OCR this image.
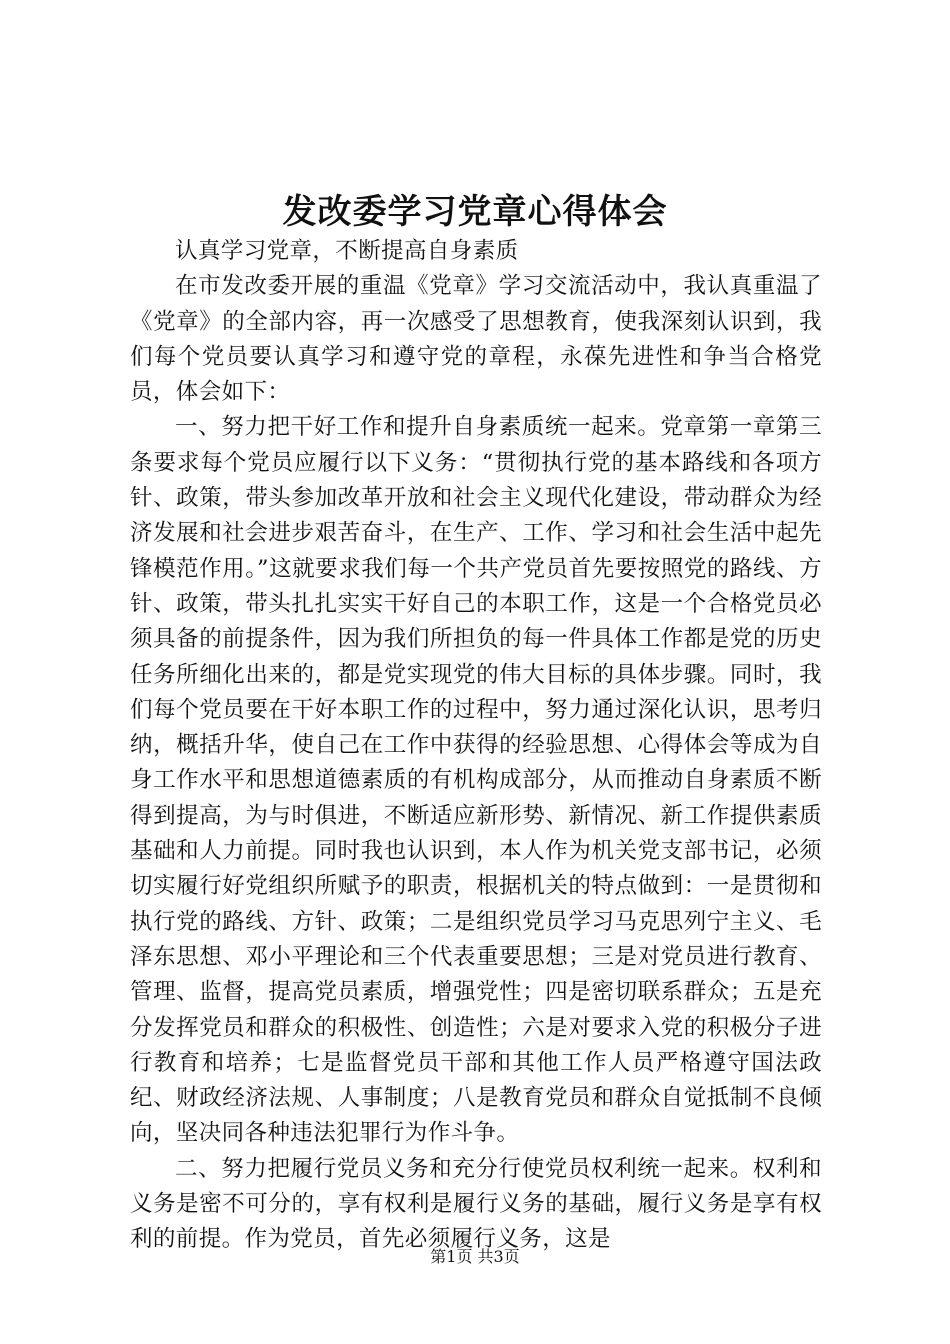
发改委学习党章心得体会

认真学习党章，不断提高自身素质

在市发改委开展的重温《党章》学习交流活动中，我认真重温了《党章》的全部内容，再一次感受了思想教育，使我深刻认识到，我们每个党员要认真学习和遵守党的章程，永葆先进性和争当合格党员，体会如下：

一、努力把干好工作和提升自身素质统一起来。党章第一章第三条要求每个党员应履行以下义务：“贯彻执行党的基本路线和各项方针、政策，带头参加改革开放和社会主义现代化建设，带动群众为经济发展和社会进步艰苦奋斗，在生产、工作、学习和社会生活中起先锋模范作用。”这就要求我们每一个共产党员首先要按照党的路线、方针、政策，带头扎扎实实干好自己的本职工作，这是一个合格党员必须具备的前提条件，因为我们所担负的每一件具体工作都是党的历史任务所细化出来的，都是党实现党的伟大目标的具体步骤。同时，我们每个党员要在干好本职工作的过程中，努力通过深化认识，思考归纳，概括升华，使自己在工作中获得的经验思想、心得体会等成为自身工作水平和思想道德素质的有机构成部分，从而推动自身素质不断得到提高，为与时俱进，不断适应新形势、新情况、新工作提供素质基础和人力前提。同时我也认识到，本人作为机关党支部书记，必须切实履行好党组织所赋予的职责，根据机关的特点做到：一是贯彻和执行党的路线、方针、政策；二是组织党员学习马克思列宁主义、毛泽东思想、邓小平理论和三个代表重要思想；三是对党员进行教育、管理、监督，提高党员素质，增强党性；四是密切联系群众；五是充分发挥党员和群众的积极性、创造性；六是对要求入党的积极分子进行教育和培养；七是监督党员干部和其他工作人员严格遵守国法政纪、财政经济法规、人事制度；八是教育党员和群众自觉抵制不良倾向，坚决同各种违法犯罪行为作斗争。

二、努力把履行党员义务和充分行使党员权利统一起来。权利和义务是密不可分的，享有权利是履行义务的基础，履行义务是享有权利的前提。作为党员，首先必须履行义务，这是

第1页 共3页
